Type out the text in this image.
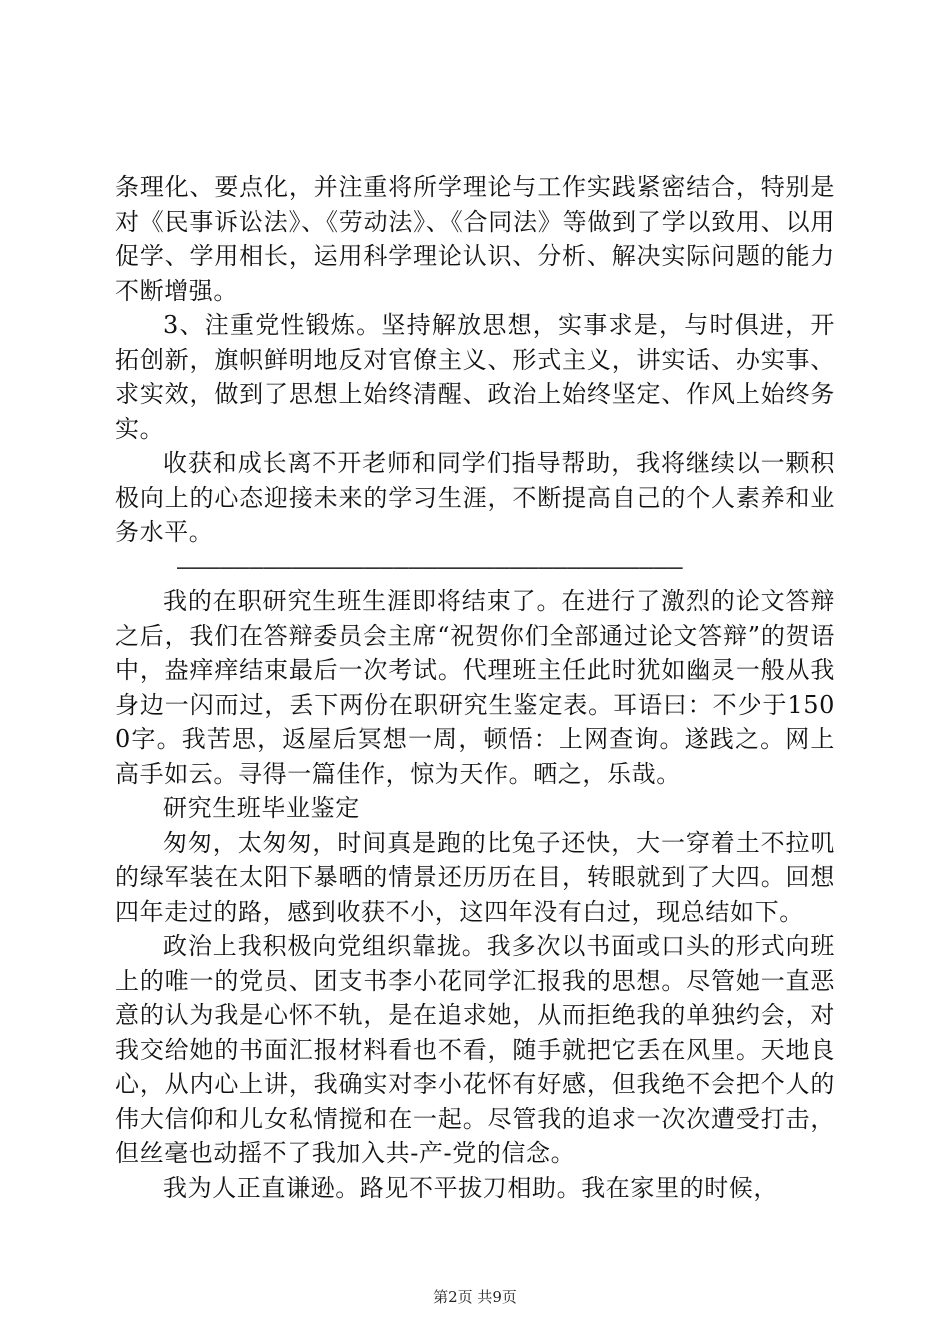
条理化、要点化，并注重将所学理论与工作实践紧密结合，特别是对《民事诉讼法》、《劳动法》、《合同法》等做到了学以致用、以用促学、学用相长，运用科学理论认识、分析、解决实际问题的能力不断增强。

3、注重党性锻炼。坚持解放思想，实事求是，与时俱进，开拓创新，旗帜鲜明地反对官僚主义、形式主义，讲实话、办实事、求实效，做到了思想上始终清醒、政治上始终坚定、作风上始终务实。

收获和成长离不开老师和同学们指导帮助，我将继续以一颗积极向上的心态迎接未来的学习生涯，不断提高自己的个人素养和业务水平。

———————————————————————————————————

我的在职研究生班生涯即将结束了。在进行了激烈的论文答辩之后，我们在答辩委员会主席“祝贺你们全部通过论文答辩”的贺语中，盎痒痒结束最后一次考试。代理班主任此时犹如幽灵一般从我身边一闪而过，丢下两份在职研究生鉴定表。耳语曰：不少于1500字。我苦思，返屋后冥想一周，顿悟：上网查询。遂践之。网上高手如云。寻得一篇佳作，惊为天作。晒之，乐哉。

研究生班毕业鉴定

匆匆，太匆匆，时间真是跑的比兔子还快，大一穿着土不拉叽的绿军装在太阳下暴晒的情景还历历在目，转眼就到了大四。回想四年走过的路，感到收获不小，这四年没有白过，现总结如下。

政治上我积极向党组织靠拢。我多次以书面或口头的形式向班上的唯一的党员、团支书李小花同学汇报我的思想。尽管她一直恶意的认为我是心怀不轨，是在追求她，从而拒绝我的单独约会，对我交给她的书面汇报材料看也不看，随手就把它丢在风里。天地良心，从内心上讲，我确实对李小花怀有好感，但我绝不会把个人的伟大信仰和儿女私情搅和在一起。尽管我的追求一次次遭受打击，但丝毫也动摇不了我加入共-产-党的信念。

我为人正直谦逊。路见不平拔刀相助。我在家里的时候，

第2页 共9页
